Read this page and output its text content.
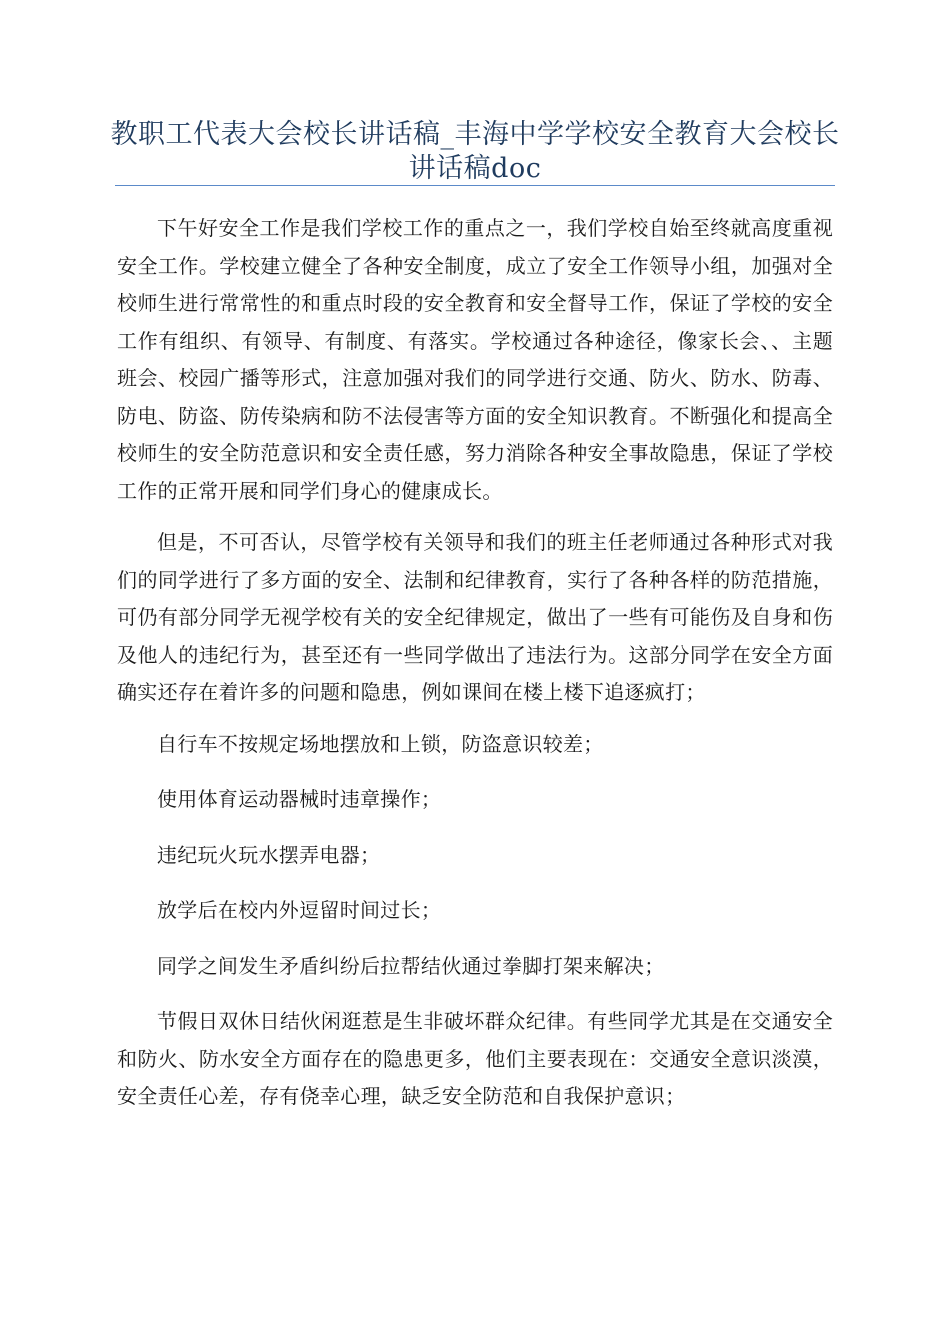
教职工代表大会校长讲话稿_丰海中学学校安全教育大会校长讲话稿doc

下午好安全工作是我们学校工作的重点之一，我们学校自始至终就高度重视安全工作。学校建立健全了各种安全制度，成立了安全工作领导小组，加强对全校师生进行常常性的和重点时段的安全教育和安全督导工作，保证了学校的安全工作有组织、有领导、有制度、有落实。学校通过各种途径，像家长会、、主题班会、校园广播等形式，注意加强对我们的同学进行交通、防火、防水、防毒、防电、防盗、防传染病和防不法侵害等方面的安全知识教育。不断强化和提高全校师生的安全防范意识和安全责任感，努力消除各种安全事故隐患，保证了学校工作的正常开展和同学们身心的健康成长。

但是，不可否认，尽管学校有关领导和我们的班主任老师通过各种形式对我们的同学进行了多方面的安全、法制和纪律教育，实行了各种各样的防范措施，可仍有部分同学无视学校有关的安全纪律规定，做出了一些有可能伤及自身和伤及他人的违纪行为，甚至还有一些同学做出了违法行为。这部分同学在安全方面确实还存在着许多的问题和隐患，例如课间在楼上楼下追逐疯打；

自行车不按规定场地摆放和上锁，防盗意识较差；

使用体育运动器械时违章操作；

违纪玩火玩水摆弄电器；

放学后在校内外逗留时间过长；

同学之间发生矛盾纠纷后拉帮结伙通过拳脚打架来解决；

节假日双休日结伙闲逛惹是生非破坏群众纪律。有些同学尤其是在交通安全和防火、防水安全方面存在的隐患更多，他们主要表现在：交通安全意识淡漠，安全责任心差，存有侥幸心理，缺乏安全防范和自我保护意识；
